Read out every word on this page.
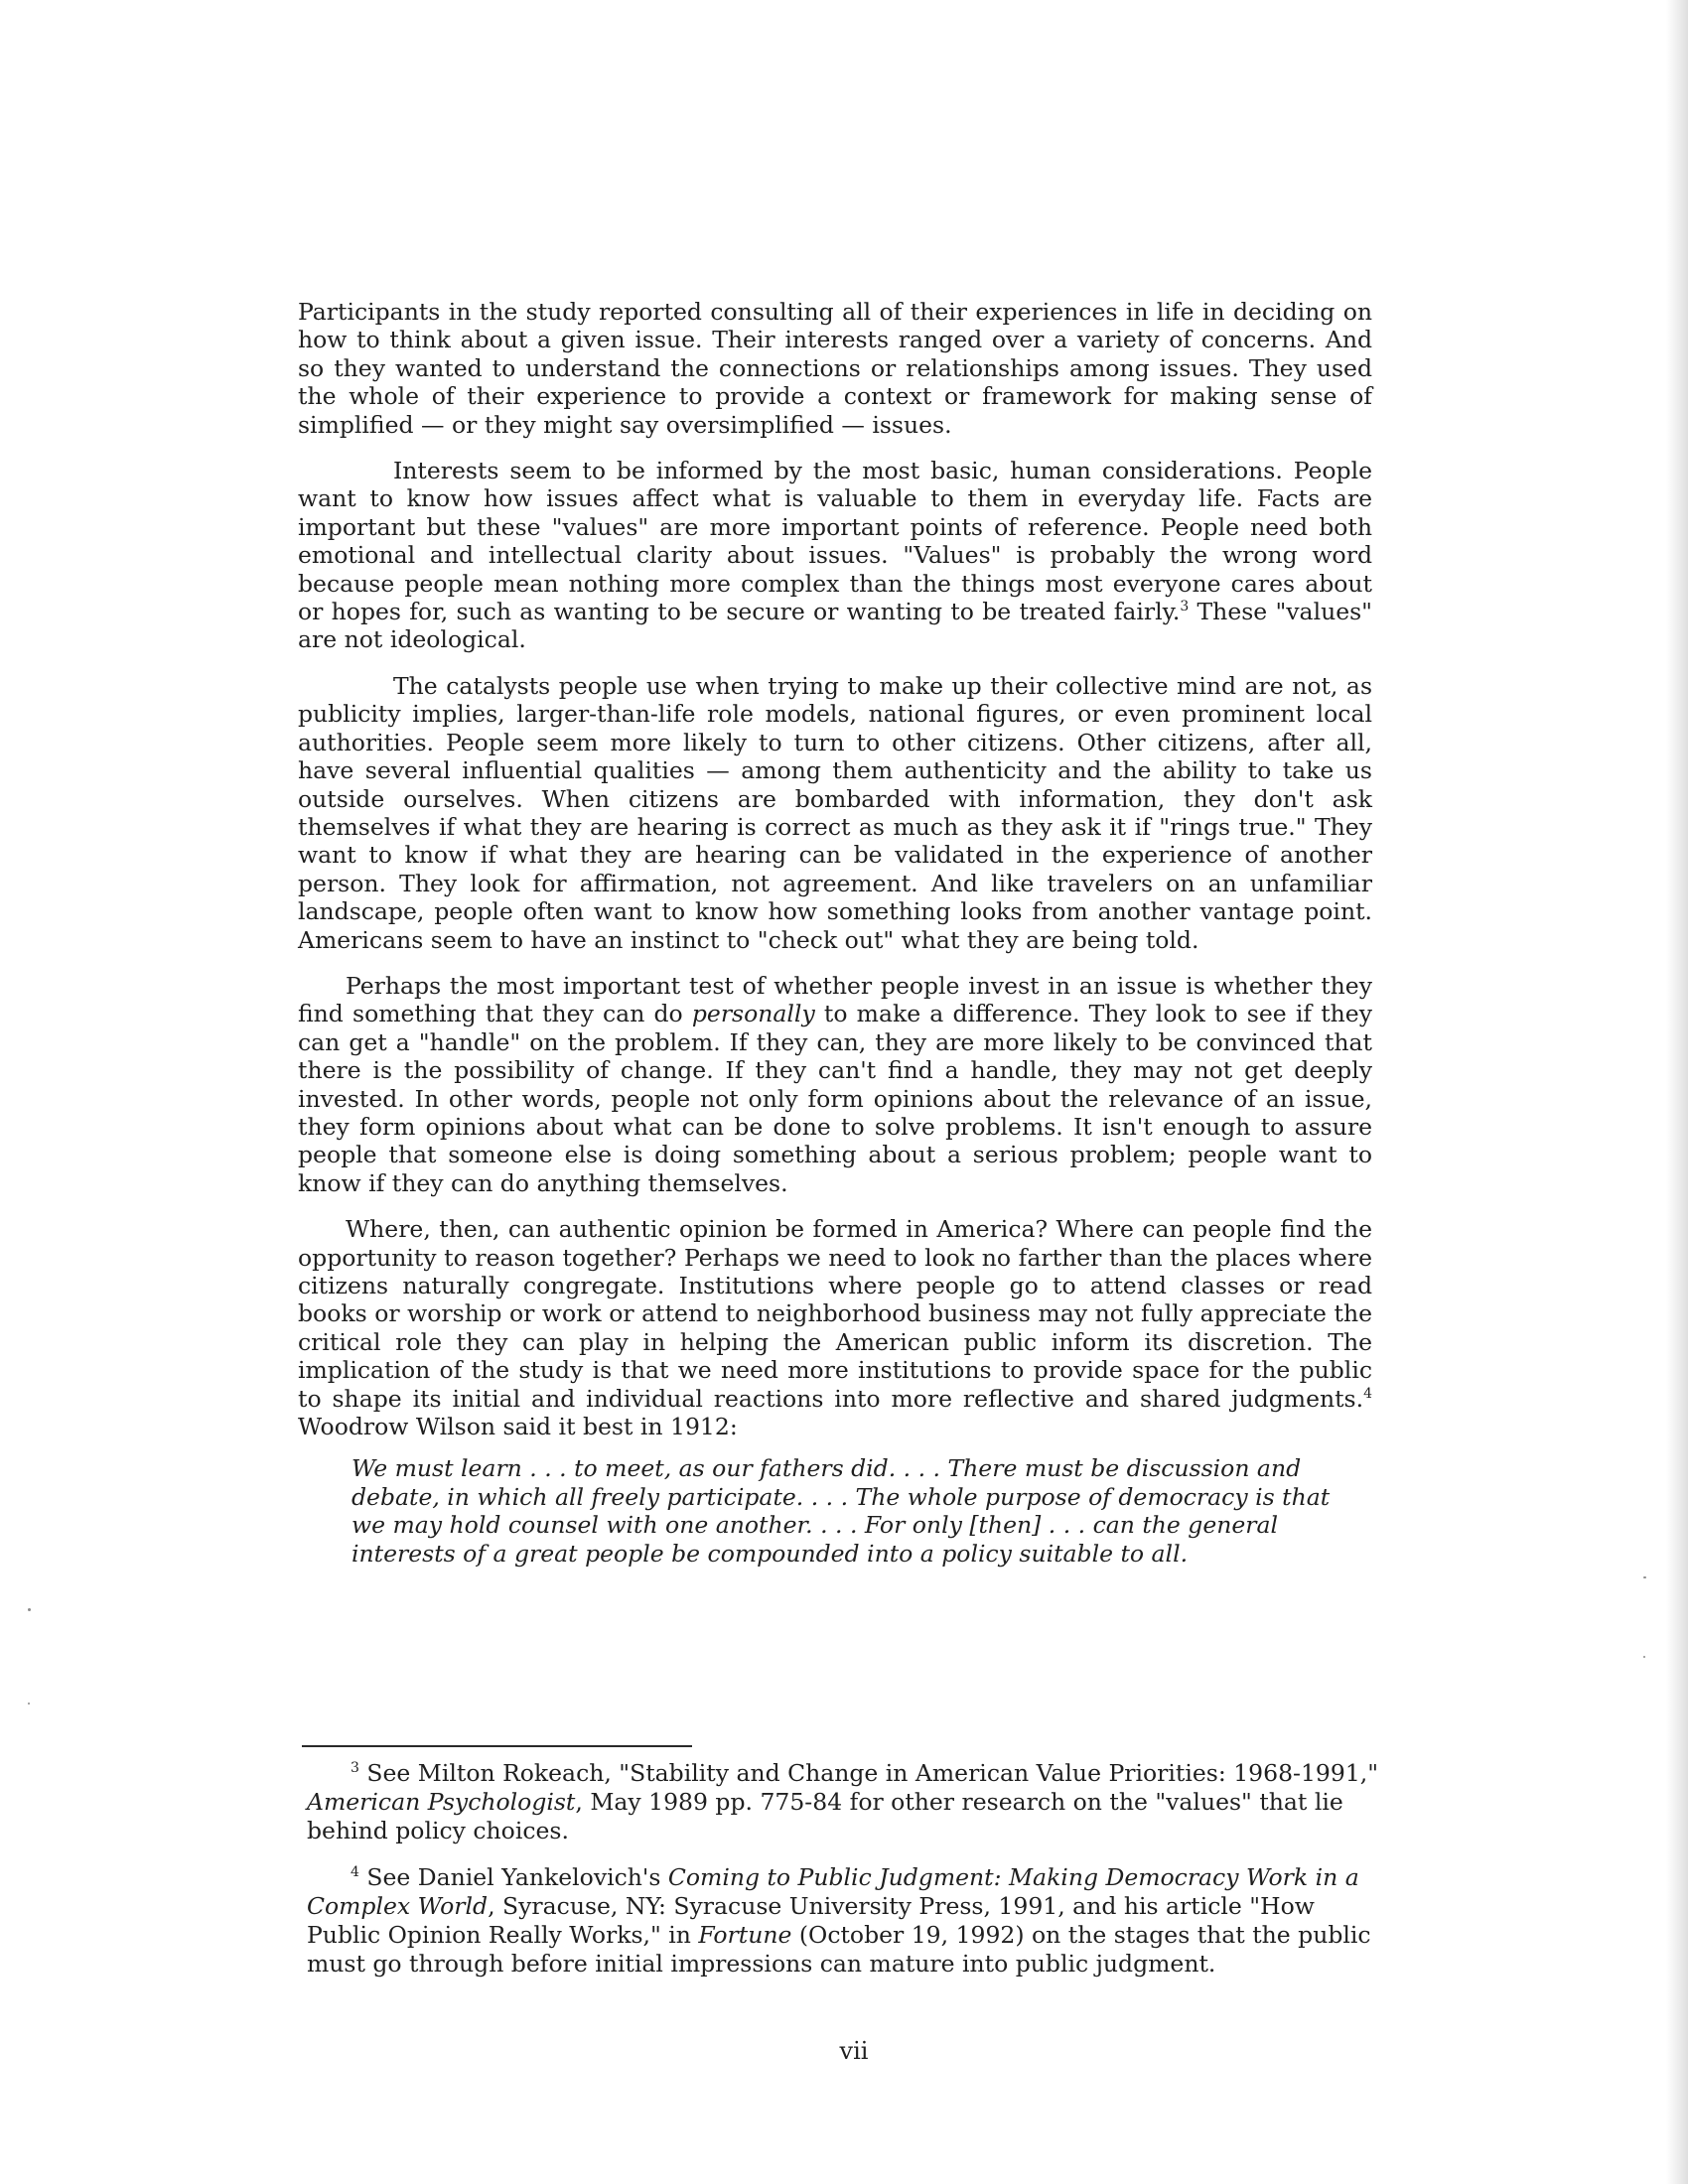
Participants in the study reported consulting all of their experiences in life in deciding on how to think about a given issue. Their interests ranged over a variety of concerns. And so they wanted to understand the connections or relationships among issues. They used the whole of their experience to provide a context or framework for making sense of simplified — or they might say oversimplified — issues.

Interests seem to be informed by the most basic, human considerations. People want to know how issues affect what is valuable to them in everyday life. Facts are important but these "values" are more important points of reference. People need both emotional and intellectual clarity about issues. "Values" is probably the wrong word because people mean nothing more complex than the things most everyone cares about or hopes for, such as wanting to be secure or wanting to be treated fairly.$^3$ These "values" are not ideological.

The catalysts people use when trying to make up their collective mind are not, as publicity implies, larger-than-life role models, national figures, or even prominent local authorities. People seem more likely to turn to other citizens. Other citizens, after all, have several influential qualities — among them authenticity and the ability to take us outside ourselves. When citizens are bombarded with information, they don't ask themselves if what they are hearing is correct as much as they ask it if "rings true." They want to know if what they are hearing can be validated in the experience of another person. They look for affirmation, not agreement. And like travelers on an unfamiliar landscape, people often want to know how something looks from another vantage point. Americans seem to have an instinct to "check out" what they are being told.

Perhaps the most important test of whether people invest in an issue is whether they find something that they can do personally to make a difference. They look to see if they can get a "handle" on the problem. If they can, they are more likely to be convinced that there is the possibility of change. If they can't find a handle, they may not get deeply invested. In other words, people not only form opinions about the relevance of an issue, they form opinions about what can be done to solve problems. It isn't enough to assure people that someone else is doing something about a serious problem; people want to know if they can do anything themselves.

Where, then, can authentic opinion be formed in America? Where can people find the opportunity to reason together? Perhaps we need to look no farther than the places where citizens naturally congregate. Institutions where people go to attend classes or read books or worship or work or attend to neighborhood business may not fully appreciate the critical role they can play in helping the American public inform its discretion. The implication of the study is that we need more institutions to provide space for the public to shape its initial and individual reactions into more reflective and shared judgments.$^4$ Woodrow Wilson said it best in 1912:

We must learn . . . to meet, as our fathers did. . . . There must be discussion and debate, in which all freely participate. . . . The whole purpose of democracy is that we may hold counsel with one another. . . . For only [then] . . . can the general interests of a great people be compounded into a policy suitable to all.

$^3$ See Milton Rokeach, "Stability and Change in American Value Priorities: 1968-1991," American Psychologist, May 1989 pp. 775-84 for other research on the "values" that lie behind policy choices.

$^4$ See Daniel Yankelovich's Coming to Public Judgment: Making Democracy Work in a Complex World, Syracuse, NY: Syracuse University Press, 1991, and his article "How Public Opinion Really Works," in Fortune (October 19, 1992) on the stages that the public must go through before initial impressions can mature into public judgment.

vii
